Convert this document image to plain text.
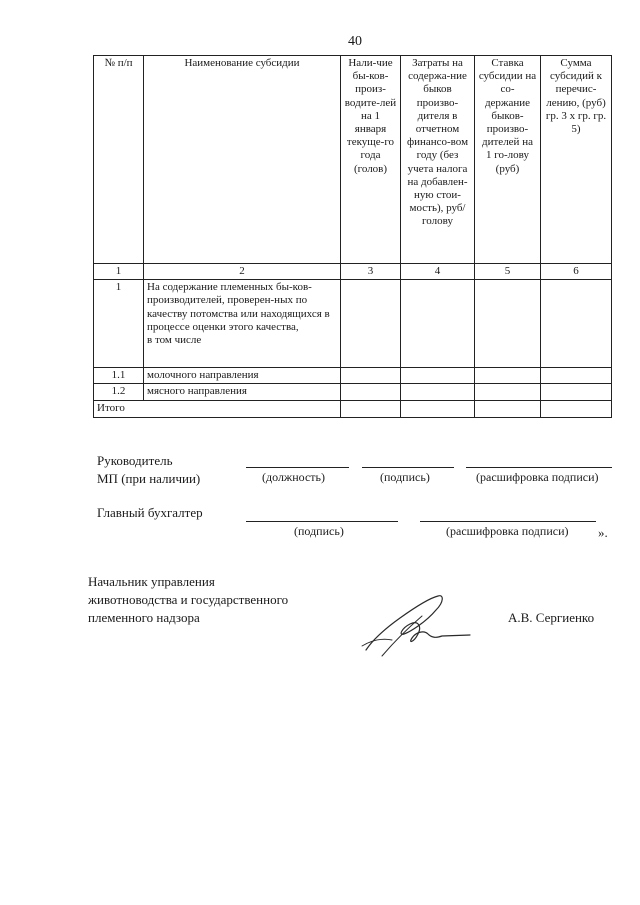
40
№ п/п	Наименование субсидии	Нали-чие бы-ков-произ-водите-лей на 1 января текуще-го года (голов)	Затраты на содержа-ние быков произво-дителя в отчетном финансо-вом году (без учета налога на добавлен-ную стои-мость), руб/голову	Ставка субсидии на со-держание быков-произво-дителей на 1 го-лову (руб)	Сумма субсидий к перечис-лению, (руб) гр. 3 х гр. гр. 5)
1	2	3	4	5	6
1	На содержание племенных бы-ков-производителей, проверен-ных по качеству потомства или находящихся в процессе оценки этого качества,
в том числе				
1.1	молочного направления				
1.2	мясного направления				
Итого					
Руководитель
МП (при наличии)	(должность)	(подпись)	(расшифровка подписи)
Главный бухгалтер
(подпись)	(расшифровка подписи) ».
Начальник управления
животноводства и государственного
племенного надзора	А.В. Сергиенко
